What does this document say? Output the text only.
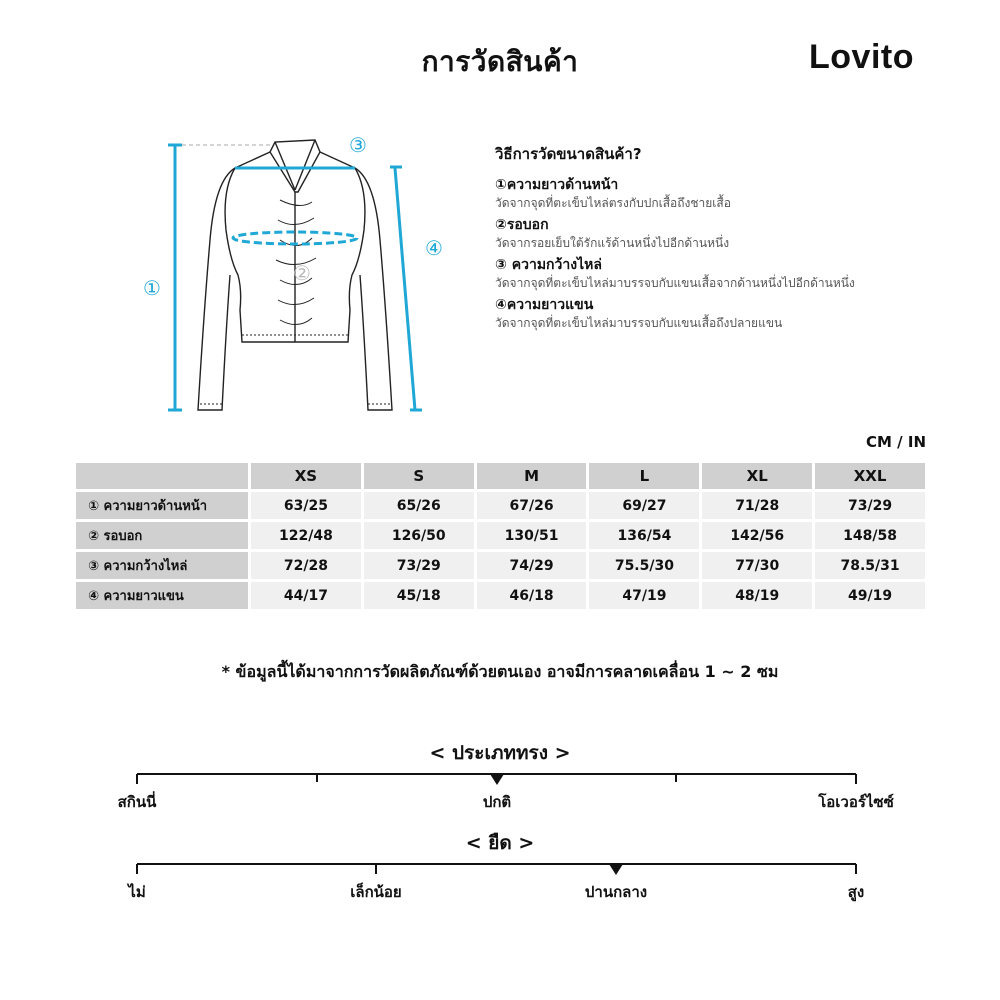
การวัดสินค้า	Lovito
①
②
③
④
วิธีการวัดขนาดสินค้า?
①ความยาวด้านหน้า
วัดจากจุดที่ตะเข็บไหล่ตรงกับปกเสื้อถึงชายเสื้อ
②รอบอก
วัดจากรอยเย็บใต้รักแร้ด้านหนึ่งไปอีกด้านหนึ่ง
③ ความกว้างไหล่
วัดจากจุดที่ตะเข็บไหล่มาบรรจบกับแขนเสื้อจากด้านหนึ่งไปอีกด้านหนึ่ง
④ความยาวแขน
วัดจากจุดที่ตะเข็บไหล่มาบรรจบกับแขนเสื้อถึงปลายแขน
CM / IN
	XS	S	M	L	XL	XXL
① ความยาวด้านหน้า	63/25	65/26	67/26	69/27	71/28	73/29
② รอบอก	122/48	126/50	130/51	136/54	142/56	148/58
③ ความกว้างไหล่	72/28	73/29	74/29	75.5/30	77/30	78.5/31
④ ความยาวแขน	44/17	45/18	46/18	47/19	48/19	49/19
* ข้อมูลนี้ได้มาจากการวัดผลิตภัณฑ์ด้วยตนเอง อาจมีการคลาดเคลื่อน 1 ~ 2 ซม
< ประเภททรง >
สกินนี่	ปกติ	โอเวอร์ไซซ์
< ยืด >
ไม่	เล็กน้อย	ปานกลาง	สูง
